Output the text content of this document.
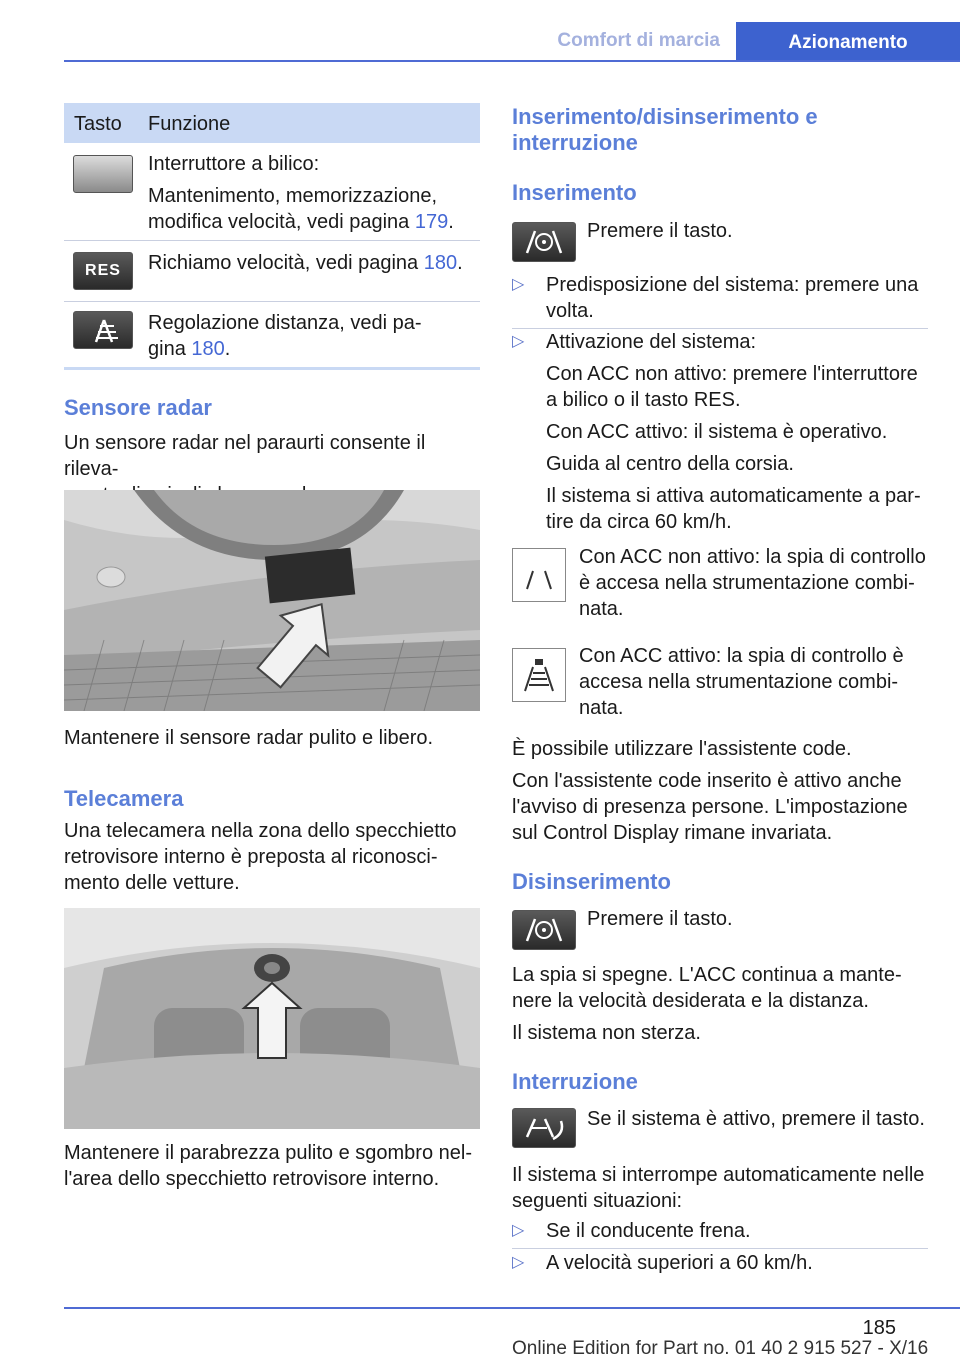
Comfort di marcia	Azionamento
Tasto Funzione
Interruttore a bilico:
Mantenimento, memorizzazione,
modifica velocità, vedi pagina 179.
RES	Richiamo velocità, vedi pagina 180.
Regolazione distanza, vedi pa-
gina 180.
Sensore radar
Un sensore radar nel paraurti consente il rileva-
Mantenere il sensore radar pulito e libero.
Telecamera
Una telecamera nella zona dello specchietto
retrovisore interno è preposta al riconosci-
mento delle vetture.
Mantenere il parabrezza pulito e sgombro nel-
l'area dello specchietto retrovisore interno.
Inserimento/disinserimento e
interruzione
Inserimento
Premere il tasto.
▷ Predisposizione del sistema: premere una
volta.
▷ Attivazione del sistema:
Con ACC non attivo: premere l'interruttore
a bilico o il tasto RES.
Con ACC attivo: il sistema è operativo.
Guida al centro della corsia.
Il sistema si attiva automaticamente a par-
tire da circa 60 km/h.
Con ACC non attivo: la spia di controllo
è accesa nella strumentazione combi-
nata.
Con ACC attivo: la spia di controllo è
accesa nella strumentazione combi-
nata.
È possibile utilizzare l'assistente code.
Con l'assistente code inserito è attivo anche
l'avviso di presenza persone. L'impostazione
sul Control Display rimane invariata.
Disinserimento
Premere il tasto.
La spia si spegne. L'ACC continua a mante-
nere la velocità desiderata e la distanza.
Il sistema non sterza.
Interruzione
Se il sistema è attivo, premere il tasto.
Il sistema si interrompe automaticamente nelle
seguenti situazioni:
▷ Se il conducente frena.
▷ A velocità superiori a 60 km/h.
185
Online Edition for Part no. 01 40 2 915 527 - X/16
